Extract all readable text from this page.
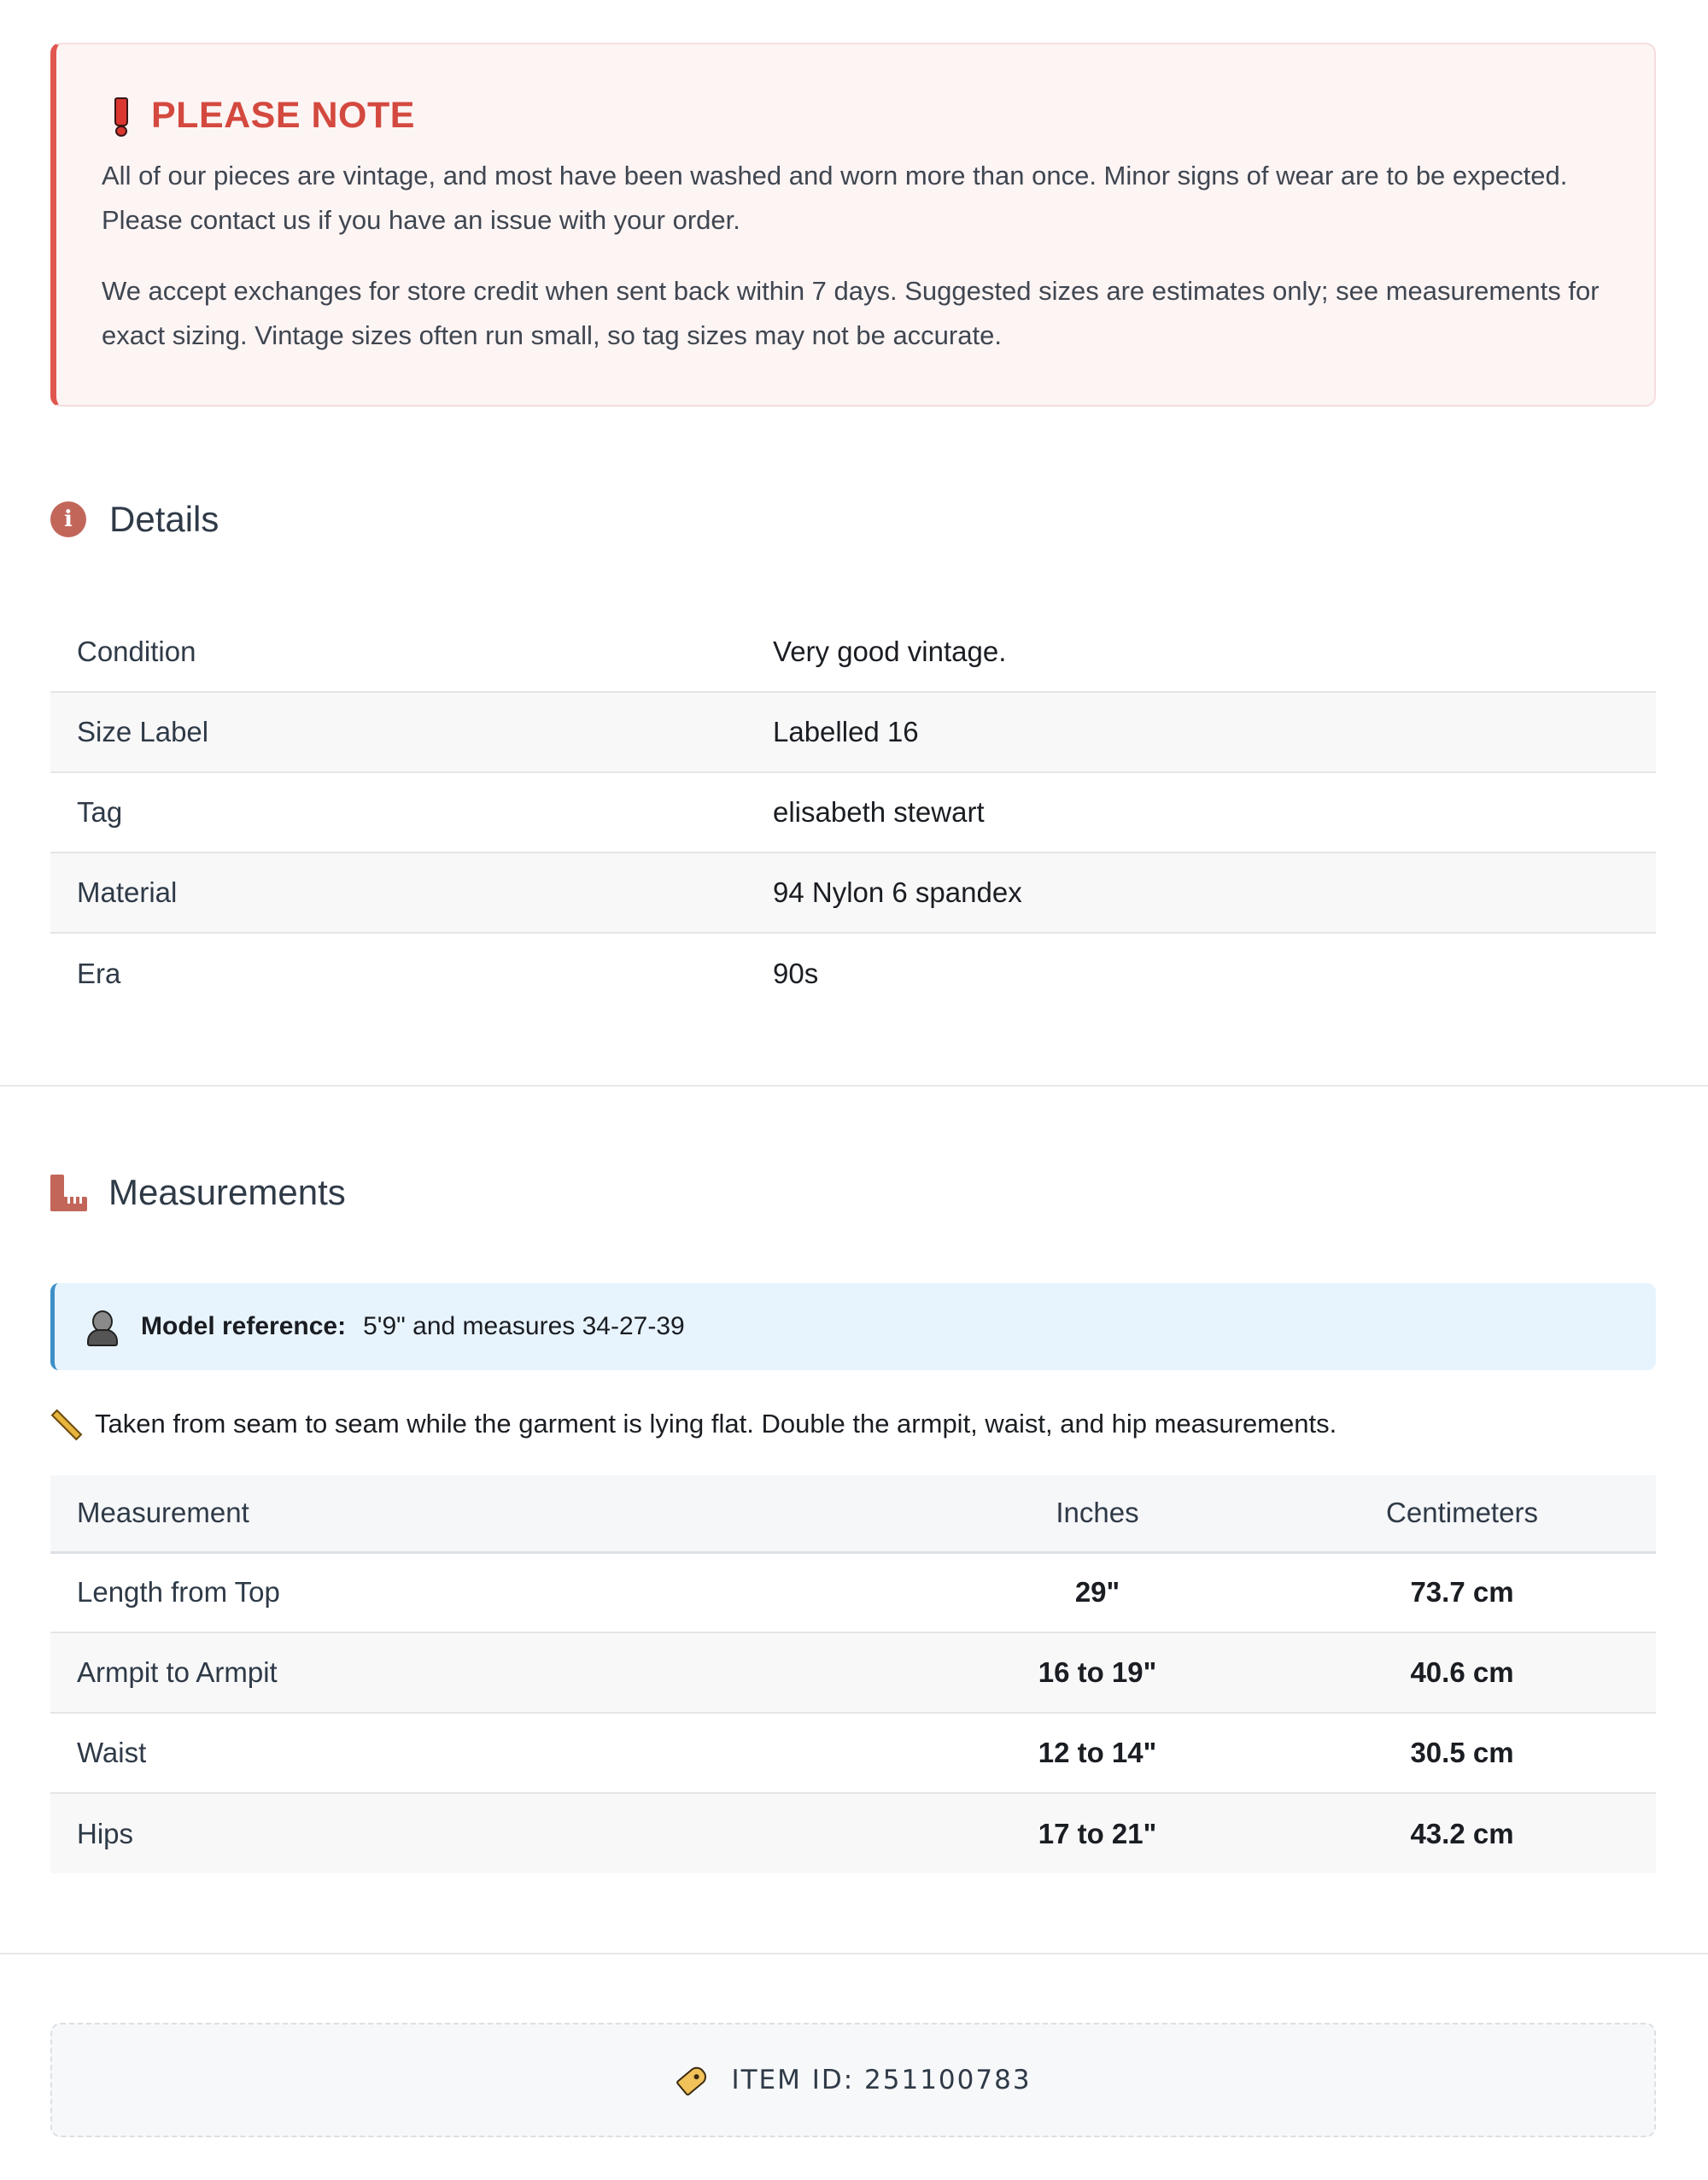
PLEASE NOTE

All of our pieces are vintage, and most have been washed and worn more than once. Minor signs of wear are to be expected. Please contact us if you have an issue with your order.

We accept exchanges for store credit when sent back within 7 days. Suggested sizes are estimates only; see measurements for exact sizing. Vintage sizes often run small, so tag sizes may not be accurate.

i	Details
Condition	Very good vintage.
Size Label	Labelled 16
Tag	elisabeth stewart
Material	94 Nylon 6 spandex
Era	90s
Measurements
Model reference: 5'9" and measures 34-27-39
Taken from seam to seam while the garment is lying flat. Double the armpit, waist, and hip measurements.
Measurement	Inches	Centimeters
Length from Top	29"	73.7 cm
Armpit to Armpit	16 to 19"	40.6 cm
Waist	12 to 14"	30.5 cm
Hips	17 to 21"	43.2 cm
ITEM ID: 251100783
